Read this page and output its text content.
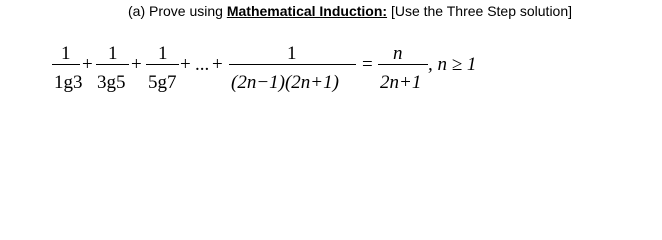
(a) Prove using Mathematical Induction: [Use the Three Step solution]
1
1g3
+
1
3g5
+
1
5g7
+ ... +
1
(2n−1)(2n+1)
=
n
2n+1
, n ≥ 1
